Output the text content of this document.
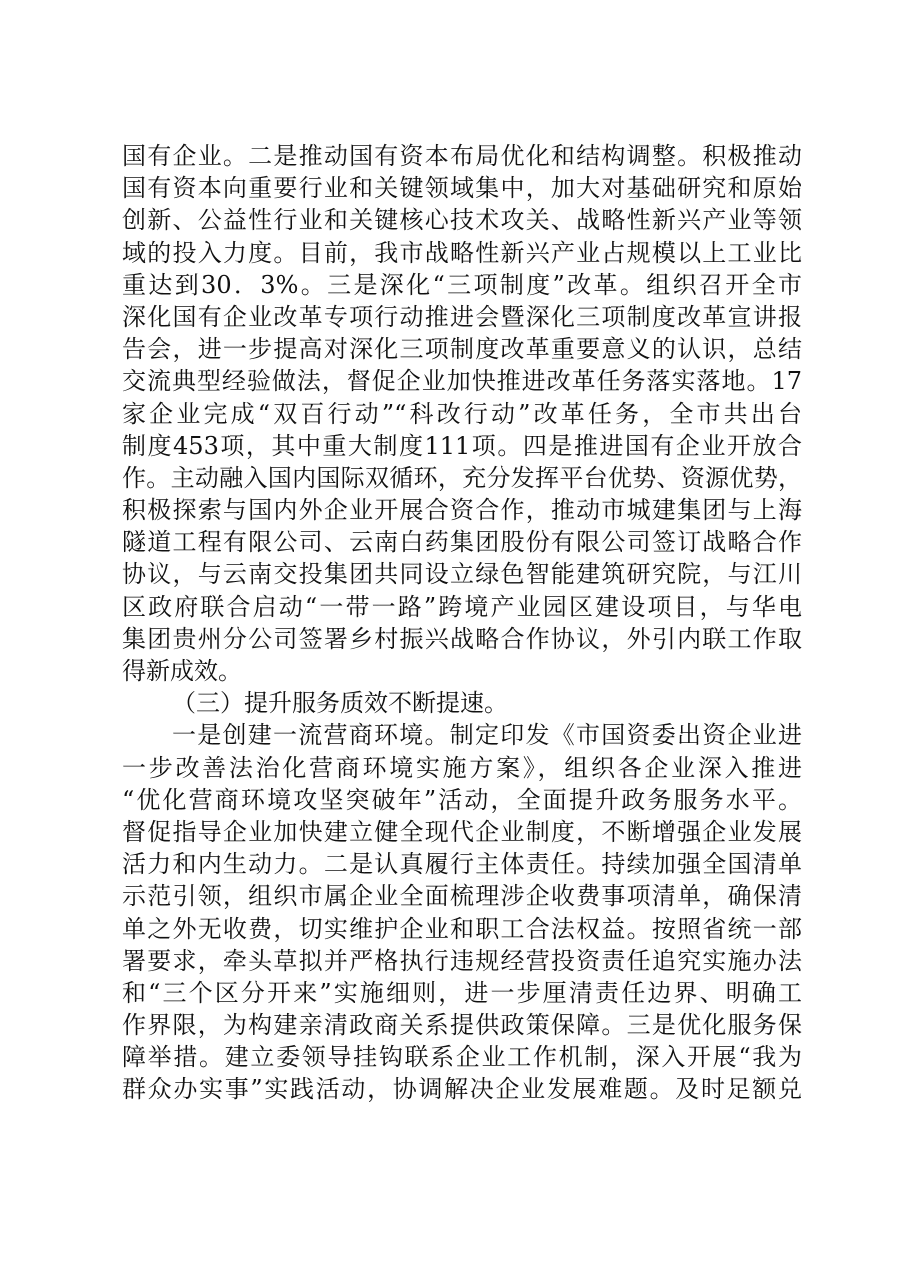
国有企业。二是推动国有资本布局优化和结构调整。积极推动
国有资本向重要行业和关键领域集中，加大对基础研究和原始
创新、公益性行业和关键核心技术攻关、战略性新兴产业等领
域的投入力度。目前，我市战略性新兴产业占规模以上工业比
重达到30．3%。三是深化“三项制度”改革。组织召开全市
深化国有企业改革专项行动推进会暨深化三项制度改革宣讲报
告会，进一步提高对深化三项制度改革重要意义的认识，总结
交流典型经验做法，督促企业加快推进改革任务落实落地。17
家企业完成“双百行动”“科改行动”改革任务，全市共出台
制度453项，其中重大制度111项。四是推进国有企业开放合
作。主动融入国内国际双循环，充分发挥平台优势、资源优势，
积极探索与国内外企业开展合资合作，推动市城建集团与上海
隧道工程有限公司、云南白药集团股份有限公司签订战略合作
协议，与云南交投集团共同设立绿色智能建筑研究院，与江川
区政府联合启动“一带一路”跨境产业园区建设项目，与华电
集团贵州分公司签署乡村振兴战略合作协议，外引内联工作取
得新成效。
（三）提升服务质效不断提速。
一是创建一流营商环境。制定印发《市国资委出资企业进
一步改善法治化营商环境实施方案》，组织各企业深入推进
“优化营商环境攻坚突破年”活动，全面提升政务服务水平。
督促指导企业加快建立健全现代企业制度，不断增强企业发展
活力和内生动力。二是认真履行主体责任。持续加强全国清单
示范引领，组织市属企业全面梳理涉企收费事项清单，确保清
单之外无收费，切实维护企业和职工合法权益。按照省统一部
署要求，牵头草拟并严格执行违规经营投资责任追究实施办法
和“三个区分开来”实施细则，进一步厘清责任边界、明确工
作界限，为构建亲清政商关系提供政策保障。三是优化服务保
障举措。建立委领导挂钩联系企业工作机制，深入开展“我为
群众办实事”实践活动，协调解决企业发展难题。及时足额兑
